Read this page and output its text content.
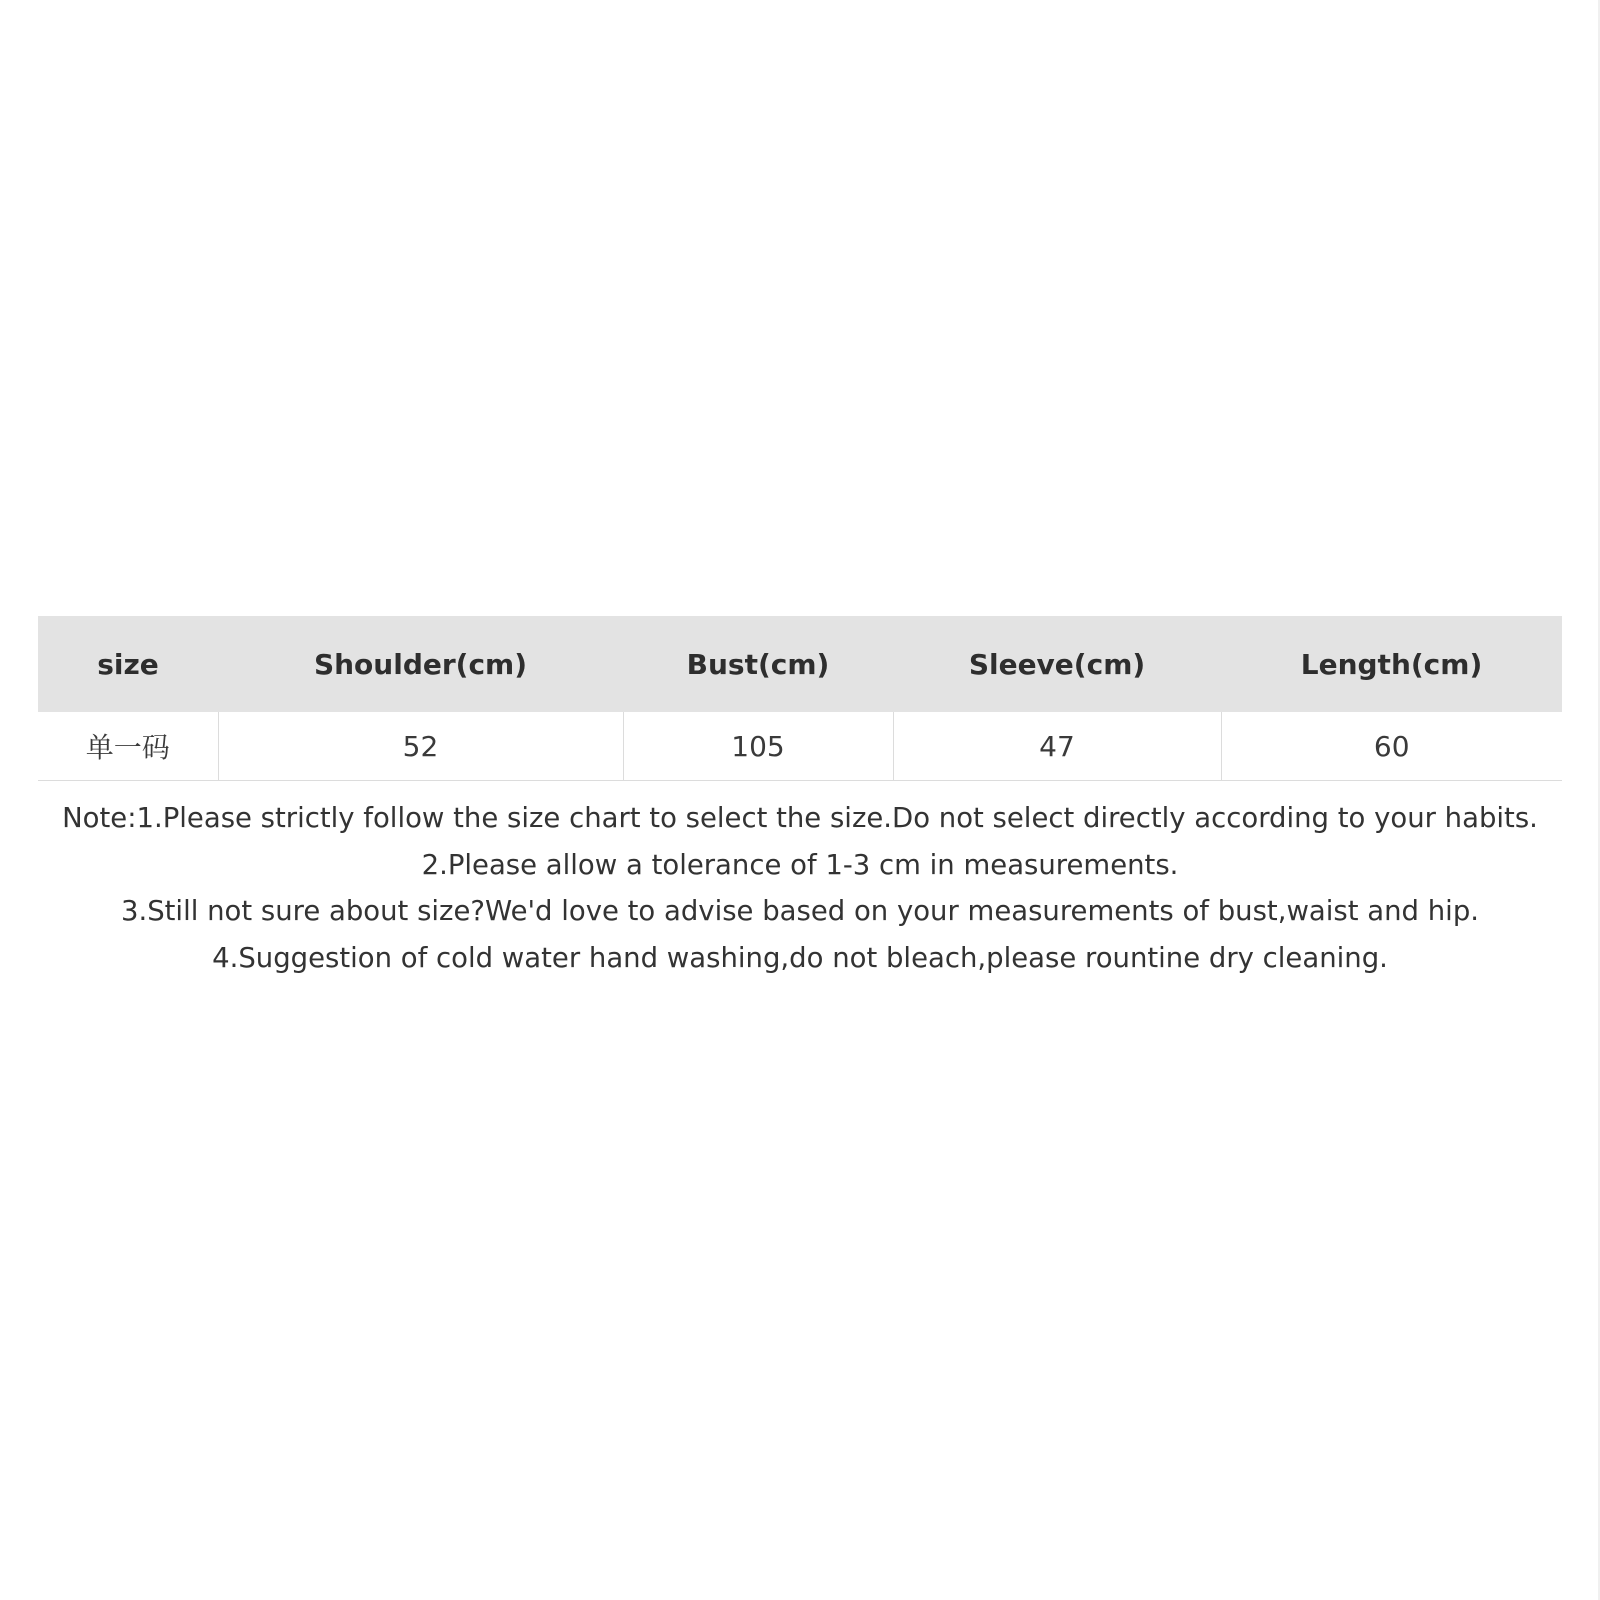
size	Shoulder(cm)	Bust(cm)	Sleeve(cm)	Length(cm)
单一码	52	105	47	60
Note:1.Please strictly follow the size chart to select the size.Do not select directly according to your habits.
2.Please allow a tolerance of 1-3 cm in measurements.
3.Still not sure about size?We'd love to advise based on your measurements of bust,waist and hip.
4.Suggestion of cold water hand washing,do not bleach,please rountine dry cleaning.
